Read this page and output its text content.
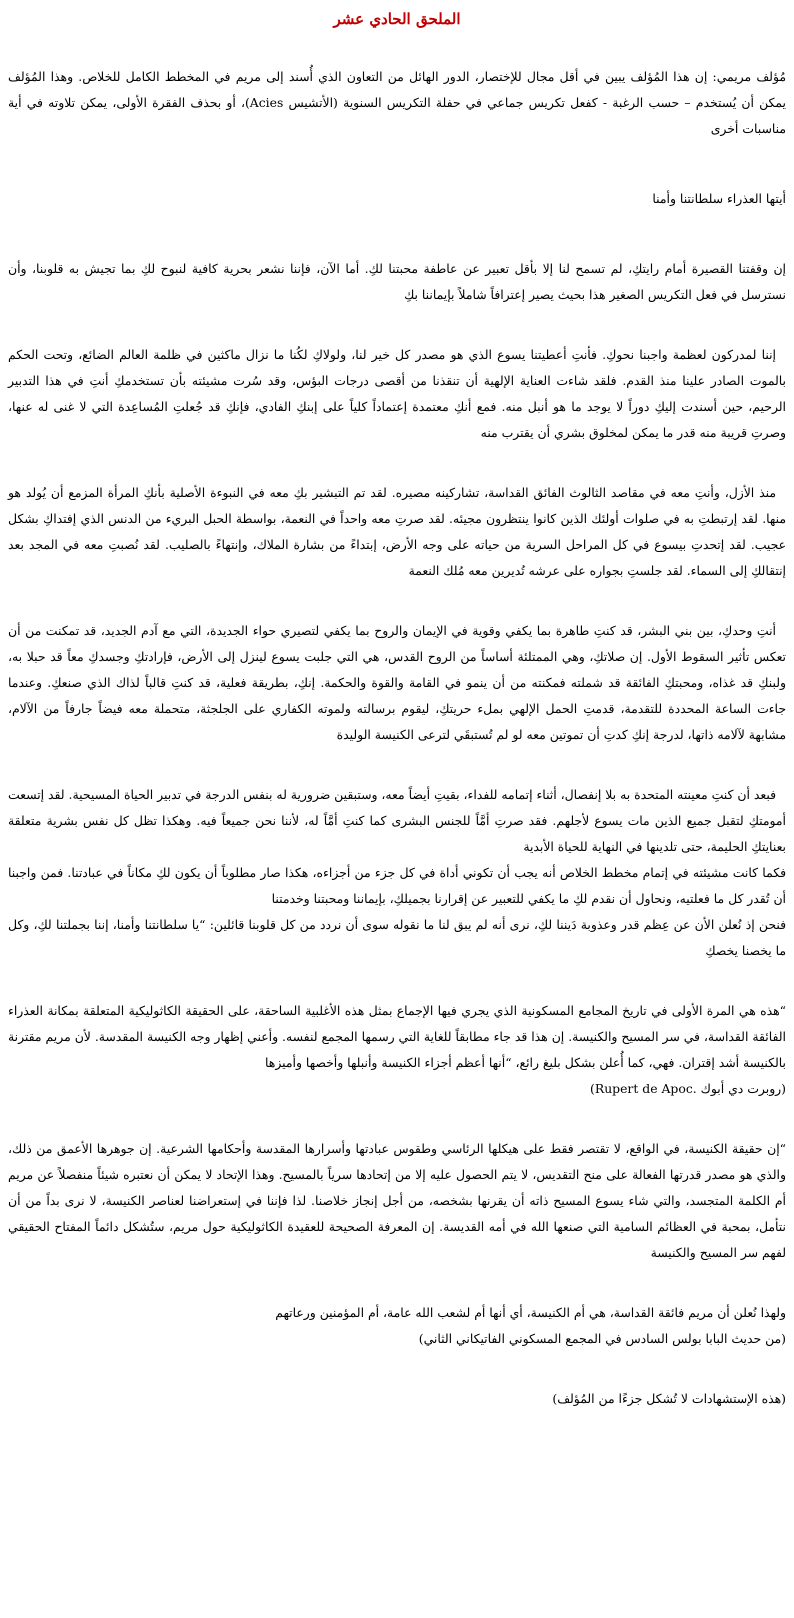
الملحق الحادي عشر

مُؤلف مريمي: إن هذا المُؤلف يبين في أقل مجال للإختصار، الدور الهائل من التعاون الذي أُسند إلى مريم في المخطط الكامل للخلاص. وهذا المُؤلف يمكن أن يُستخدم – حسب الرغبة - كفعل تكريس جماعي في حفلة التكريس السنوية (الأتشيس Acies)، أو بحذف الفقرة الأولى، يمكن تلاوته في أية مناسبات أخرى

أيتها العذراء سلطانتنا وأمنا

إن وقفتنا القصيرة أمام رايتكِ، لم تسمح لنا إلا بأقل تعبير عن عاطفة محبتنا لكِ. أما الآن، فإننا نشعر بحرية كافية لنبوح لكِ بما تجيش به قلوبنا، وأن نسترسل في فعل التكريس الصغير هذا بحيث يصير إعترافاً شاملاً بإيماننا بكِ

إننا لمدركون لعظمة واجبنا نحوكِ. فأنتِ أعطيتنا يسوع الذي هو مصدر كل خير لنا، ولولاكِ لكُنا ما نزال ماكثين في ظلمة العالم الضائع، وتحت الحكم بالموت الصادر علينا منذ القدم. فلقد شاءت العناية الإلهية أن تنقذنا من أقصى درجات البؤس، وقد سُرت مشيئته بأن تستخدمكِ أنتِ في هذا التدبير الرحيم، حين أسندت إليكِ دوراً لا يوجد ما هو أنبل منه. فمع أنكِ معتمدة إعتماداً كلياً على إبنكِ الفادي، فإنكِ قد جُعلتِ المُساعِدة التي لا غنى له عنها، وصرتِ قريبة منه قدر ما يمكن لمخلوق بشري أن يقترب منه

منذ الأزل، وأنتِ معه في مقاصد الثالوث الفائق القداسة، تشاركينه مصيره. لقد تم التبشير بكِ معه في النبوءة الأصلية بأنكِ المرأة المزمع أن يُولد هو منها. لقد إرتبطتِ به في صلوات أولئك الذين كانوا ينتظرون مجيئه. لقد صرتِ معه واحداً في النعمة، بواسطة الحبل البريء من الدنس الذي إفتداكِ بشكل عجيب. لقد إتحدتِ بيسوع في كل المراحل السرية من حياته على وجه الأرض، إبتداءً من بشارة الملاك، وإنتهاءً بالصليب. لقد نُصبتِ معه في المجد بعد إنتقالكِ إلى السماء. لقد جلستِ بجواره على عرشه تُديرين معه مُلك النعمة

أنتِ وحدكِ، بين بني البشر، قد كنتِ طاهرة بما يكفي وقوية في الإيمان والروح بما يكفي لتصيري حواء الجديدة، التي مع آدم الجديد، قد تمكنت من أن تعكس تأثير السقوط الأول. إن صلاتكِ، وهي الممتلئة أساساً من الروح القدس، هي التي جلبت يسوع لينزل إلى الأرض، فإرادتكِ وجسدكِ معاً قد حبلا به، ولبنكِ قد غذاه، ومحبتكِ الفائقة قد شملته فمكنته من أن ينمو في القامة والقوة والحكمة. إنكِ، بطريقة فعلية، قد كنتِ قالباً لذاك الذي صنعكِ. وعندما جاءت الساعة المحددة للتقدمة، قدمتِ الحمل الإلهي بملء حريتكِ، ليقوم برسالته ولموته الكفاري على الجلجثة، متحملة معه فيضاً جارفاً من الآلام، مشابهة لآلامه ذاتها، لدرجة إنكِ كدتِ أن تموتين معه لو لم تُستبقَي لترعى الكنيسة الوليدة

فبعد أن كنتِ معينته المتحدة به بلا إنفصال، أثناء إتمامه للفداء، بقيتِ أيضاً معه، وستبقين ضرورية له بنفس الدرجة في تدبير الحياة المسيحية. لقد إتسعت أمومتكِ لتقبل جميع الذين مات يسوع لأجلهم. فقد صرتِ أمَّاً للجنس البشرى كما كنتِ أمَّاً له، لأننا نحن جميعاً فيه. وهكذا تظل كل نفس بشرية متعلقة بعنايتكِ الحليمة، حتى تلدينها في النهاية للحياة الأبدية

فكما كانت مشيئته في إتمام مخطط الخلاص أنه يجب أن تكوني أداة في كل جزء من أجزاءه، هكذا صار مطلوباً أن يكون لكِ مكاناً في عبادتنا. فمن واجبنا أن تُقدر كل ما فعلتيه، ونحاول أن نقدم لكِ ما يكفي للتعبير عن إقرارنا بجميلكِ، بإيماننا ومحبتنا وخدمتنا

فنحن إذ نُعلن الأن عن عِظم قدر وعذوبة دَيننا لكِ، نرى أنه لم يبق لنا ما نقوله سوى أن نردد من كل قلوبنا قائلين: “يا سلطانتنا وأمنا، إننا بجملتنا لكِ، وكل ما يخصنا يخصكِ

“هذه هي المرة الأولى في تاريخ المجامع المسكونية الذي يجري فيها الإجماع بمثل هذه الأغلبية الساحقة، على الحقيقة الكاثوليكية المتعلقة بمكانة العذراء الفائقة القداسة، في سر المسيح والكنيسة. إن هذا قد جاء مطابقاً للغاية التي رسمها المجمع لنفسه. وأعني إظهار وجه الكنيسة المقدسة. لأن مريم مقترنة بالكنيسة أشد إقتران. فهي، كما أُعلن بشكل بليغ رائع، “أنها أعظم أجزاء الكنيسة وأنبلها وأخصها وأميزها

(روبرت دي أبوك .Rupert de Apoc)

“إن حقيقة الكنيسة، في الواقع، لا تقتصر فقط على هيكلها الرئاسي وطقوس عبادتها وأسرارها المقدسة وأحكامها الشرعية. إن جوهرها الأعمق من ذلك، والذي هو مصدر قدرتها الفعالة على منح التقديس، لا يتم الحصول عليه إلا من إتحادها سرياً بالمسيح. وهذا الإتحاد لا يمكن أن نعتبره شيئاً منفصلاً عن مريم أم الكلمة المتجسد، والتي شاء يسوع المسيح ذاته أن يقرنها بشخصه، من أجل إنجاز خلاصنا. لذا فإننا في إستعراضنا لعناصر الكنيسة، لا نرى بداً من أن نتأمل، بمحبة في العظائم السامية التي صنعها الله في أمه القديسة. إن المعرفة الصحيحة للعقيدة الكاثوليكية حول مريم، ستُشكل دائماً المفتاح الحقيقي لفهم سر المسيح والكنيسة

ولهذا نُعلن أن مريم فائقة القداسة، هي أم الكنيسة، أي أنها أم لشعب الله عامة، أم المؤمنين ورعاتهم

(من حديث البابا بولس السادس في المجمع المسكوني الفاتيكاني الثاني)

(هذه الإستشهادات لا تُشكل جزءًا من المُؤلف)
